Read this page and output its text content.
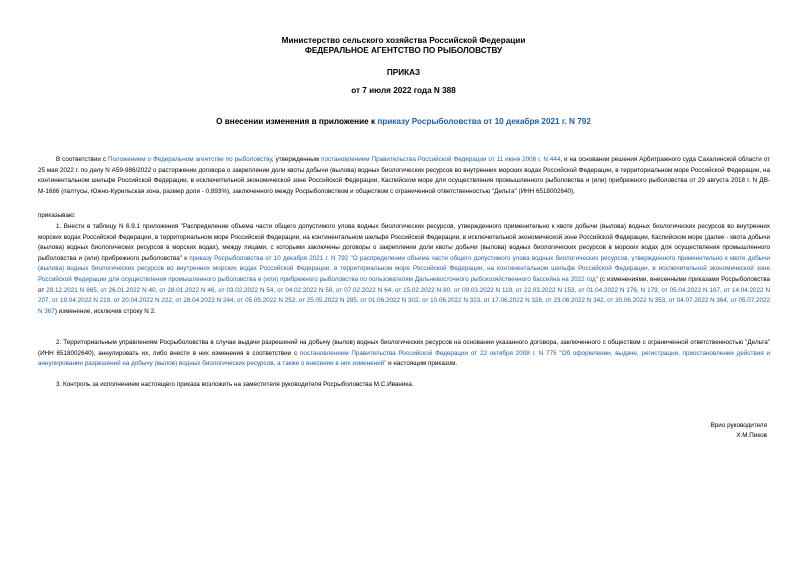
Министерство сельского хозяйства Российской Федерации
ФЕДЕРАЛЬНОЕ АГЕНТСТВО ПО РЫБОЛОВСТВУ
ПРИКАЗ
от 7 июля 2022 года N 388
О внесении изменения в приложение к приказу Росрыболовства от 10 декабря 2021 г. N 792
В соответствии с Положением о Федеральном агентстве по рыболовству, утвержденным постановлением Правительства Российской Федерации от 11 июня 2008 г. N 444, и на основании решения Арбитражного суда Сахалинской области от 25 мая 2022 г. по делу N А59-986/2022 о расторжении договора о закреплении доли квоты добычи (вылова) водных биологических ресурсов во внутренних морских водах Российской Федерации, в территориальном море Российской Федерации, на континентальном шельфе Российской Федерации, в исключительной экономической зоне Российской Федерации, Каспийском море для осуществления промышленного рыболовства и (или) прибрежного рыболовства от 29 августа 2018 г. N ДВ-М-1686 (палтусы, Южно-Курильская зона, размер доли - 0,893%), заключенного между Росрыболовством и обществом с ограниченной ответственностью "Дельта" (ИНН 6518002640),
приказываю:
1. Внести в таблицу N 6.9.1 приложения "Распределение объема части общего допустимого улова водных биологических ресурсов, утвержденного применительно к квоте добычи (вылова) водных биологических ресурсов во внутренних морских водах Российской Федерации, в территориальном море Российской Федерации, на континентальном шельфе Российской Федерации, в исключительной экономической зоне Российской Федерации, Каспийском море (далее - квота добычи (вылова) водных биологических ресурсов в морских водах), между лицами, с которыми заключены договоры о закреплении доли квоты добычи (вылова) водных биологических ресурсов в морских водах для осуществления промышленного рыболовства и (или) прибрежного рыболовства" к приказу Росрыболовства от 10 декабря 2021 г. N 792 "О распределении объема части общего допустимого улова водных биологических ресурсов, утвержденного применительно к квоте добычи (вылова) водных биологических ресурсов во внутренних морских водах Российской Федерации, в территориальном море Российской Федерации, на континентальном шельфе Российской Федерации, в исключительной экономической зоне Российской Федерации для осуществления промышленного рыболовства и (или) прибрежного рыболовства по пользователям Дальневосточного рыбохозяйственного бассейна на 2022 год" (с изменениями, внесенными приказами Росрыболовства от 29.12.2021 N 865, от 26.01.2022 N 40, от 28.01.2022 N 46, от 03.02.2022 N 54, от 04.02.2022 N 58, от 07.02.2022 N 64, от 15.02.2022 N 80, от 09.03.2022 N 119, от 22.03.2022 N 153, от 01.04.2022 N 176, N 179, от 05.04.2022 N 187, от 14.04.2022 N 207, от 19.04.2022 N 219, от 20.04.2022 N 222, от 28.04.2022 N 244, от 05.05.2022 N 252, от 25.05.2022 N 285, от 01.06.2022 N 302, от 10.06.2022 N 323, от 17.06.2022 N 328, от 23.06.2022 N 342, от 30.06.2022 N 353, от 04.07.2022 N 364, от 05.07.2022 N 367) изменение, исключив строку N 2.
2. Территориальным управлениям Росрыболовства в случае выдачи разрешений на добычу (вылов) водных биологических ресурсов на основании указанного договора, заключенного с обществом с ограниченной ответственностью "Дельта" (ИНН 6518002640), аннулировать их, либо внести в них изменения в соответствии с постановлением Правительства Российской Федерации от 22 октября 2008 г. N 775 "Об оформлении, выдаче, регистрации, приостановлении действия и аннулировании разрешений на добычу (вылов) водных биологических ресурсов, а также о внесении в них изменений" и настоящим приказом.
3. Контроль за исполнением настоящего приказа возложить на заместителя руководителя Росрыболовства М.С.Иваника.
Врио руководителя
Х.М.Пиков
